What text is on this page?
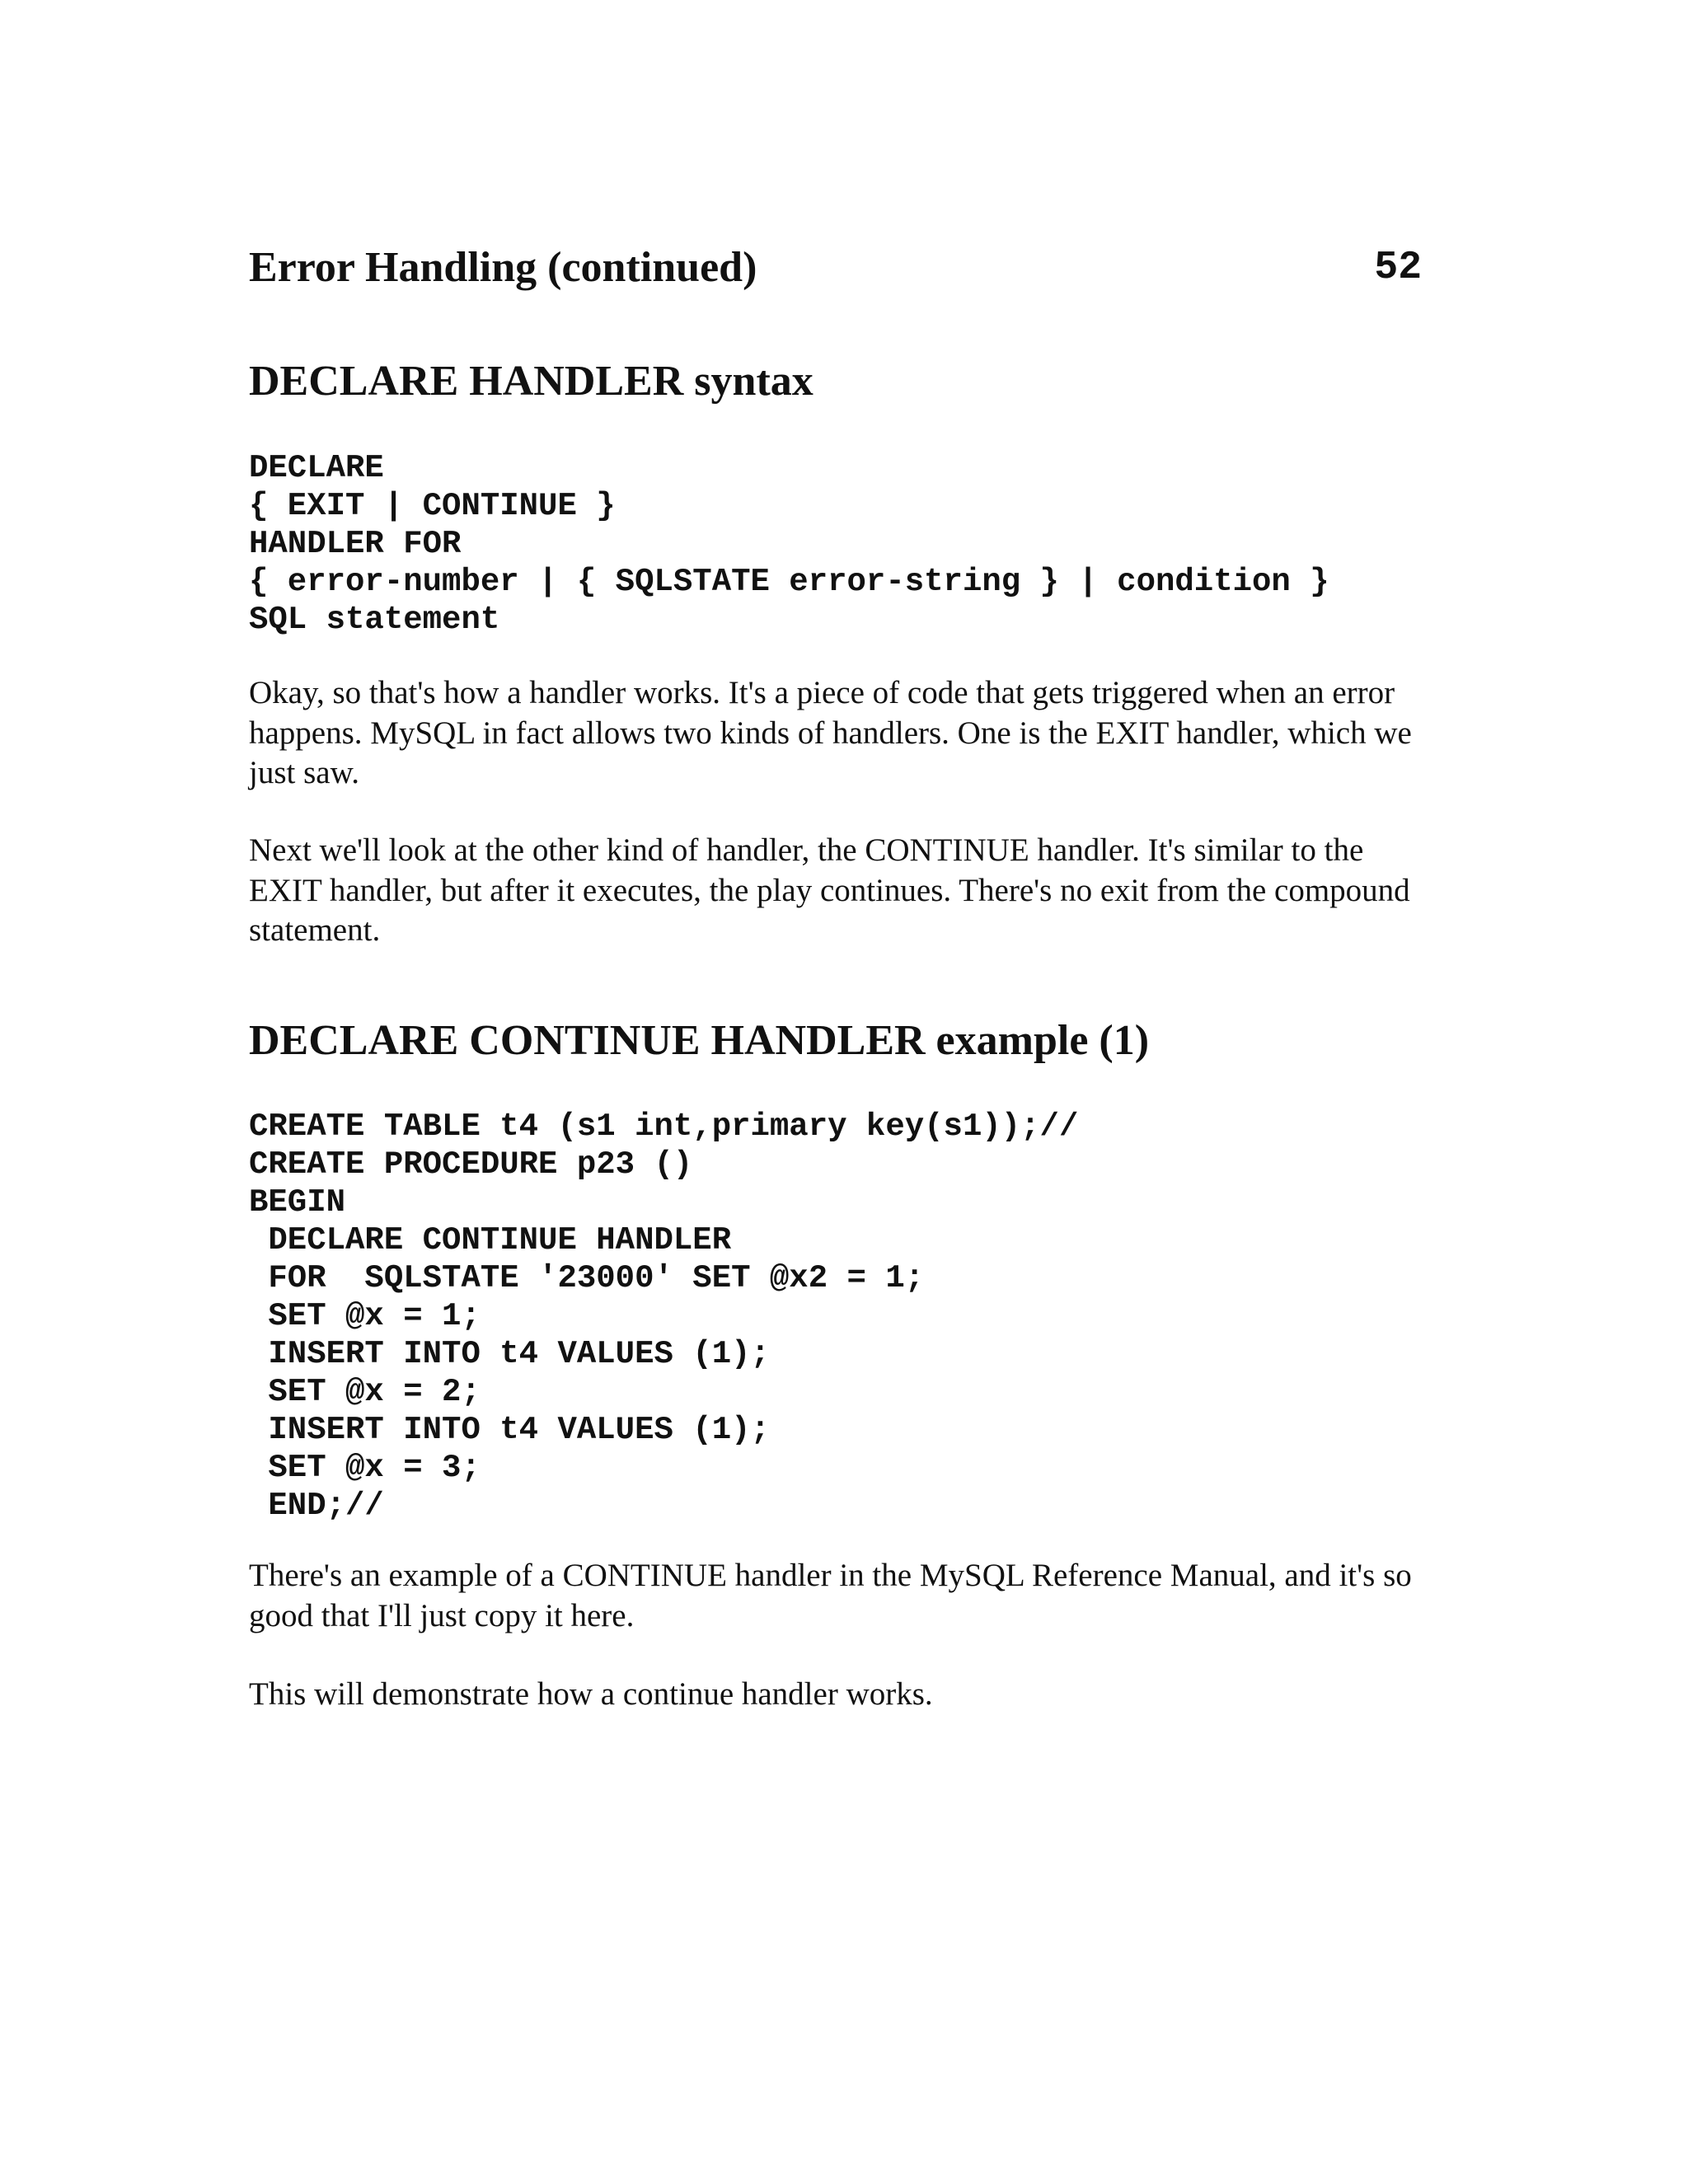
Error Handling (continued)	52
DECLARE HANDLER syntax
DECLARE
{ EXIT | CONTINUE }
HANDLER FOR
{ error-number | { SQLSTATE error-string } | condition }
SQL statement

Okay, so that's how a handler works. It's a piece of code that gets triggered when an error happens. MySQL in fact allows two kinds of handlers. One is the EXIT handler, which we just saw.

Next we'll look at the other kind of handler, the CONTINUE handler. It's similar to the EXIT handler, but after it executes, the play continues. There's no exit from the compound statement.

DECLARE CONTINUE HANDLER example (1)
CREATE TABLE t4 (s1 int,primary key(s1));//
CREATE PROCEDURE p23 ()
BEGIN
DECLARE CONTINUE HANDLER
FOR  SQLSTATE '23000' SET @x2 = 1;
SET @x = 1;
INSERT INTO t4 VALUES (1);
SET @x = 2;
INSERT INTO t4 VALUES (1);
SET @x = 3;
END;//

There's an example of a CONTINUE handler in the MySQL Reference Manual, and it's so good that I'll just copy it here.

This will demonstrate how a continue handler works.
